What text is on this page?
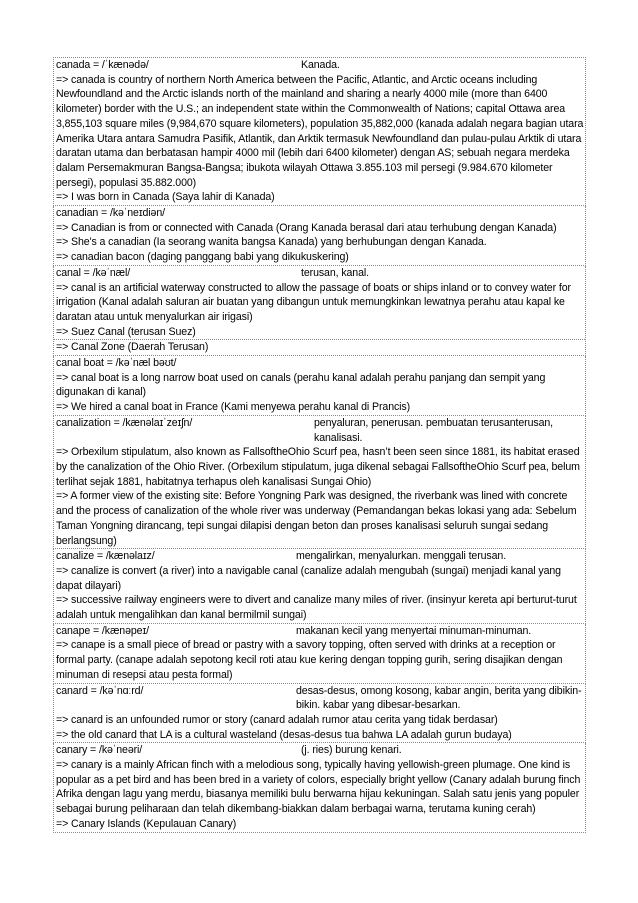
canada = /ˈkænədə/	Kanada.
=> canada is country of northern North America between the Pacific, Atlantic, and Arctic oceans including Newfoundland and the Arctic islands north of the mainland and sharing a nearly 4000 mile (more than 6400 kilometer) border with the U.S.; an independent state within the Commonwealth of Nations; capital Ottawa area 3,855,103 square miles (9,984,670 square kilometers), population 35,882,000 (kanada adalah negara bagian utara Amerika Utara antara Samudra Pasifik, Atlantik, dan Arktik termasuk Newfoundland dan pulau-pulau Arktik di utara daratan utama dan berbatasan hampir 4000 mil (lebih dari 6400 kilometer) dengan AS; sebuah negara merdeka dalam Persemakmuran Bangsa-Bangsa; ibukota wilayah Ottawa 3.855.103 mil persegi (9.984.670 kilometer persegi), populasi 35.882.000)
=> I was born in Canada (Saya lahir di Kanada)
canadian = /kəˈneɪdiən/
=> Canadian is from or connected with Canada (Orang Kanada berasal dari atau terhubung dengan Kanada)
=> She's a canadian (Ia seorang wanita bangsa Kanada) yang berhubungan dengan Kanada.
=> canadian bacon (daging panggang babi yang dikukuskering)
canal = /kəˈnæl/	terusan, kanal.
=> canal is an artificial waterway constructed to allow the passage of boats or ships inland or to convey water for irrigation (Kanal adalah saluran air buatan yang dibangun untuk memungkinkan lewatnya perahu atau kapal ke daratan atau untuk menyalurkan air irigasi)
=> Suez Canal (terusan Suez)
=> Canal Zone (Daerah Terusan)
canal boat = /kəˈnæl bəʊt/
=> canal boat is a long narrow boat used on canals (perahu kanal adalah perahu panjang dan sempit yang digunakan di kanal)
=> We hired a canal boat in France (Kami menyewa perahu kanal di Prancis)
canalization = /kænəlaɪˈzeɪʃn/	penyaluran, penerusan. pembuatan terusanterusan, kanalisasi.
=> Orbexilum stipulatum, also known as FallsoftheOhio Scurf pea, hasn’t been seen since 1881, its habitat erased by the canalization of the Ohio River. (Orbexilum stipulatum, juga dikenal sebagai FallsoftheOhio Scurf pea, belum terlihat sejak 1881, habitatnya terhapus oleh kanalisasi Sungai Ohio)
=> A former view of the existing site: Before Yongning Park was designed, the riverbank was lined with concrete and the process of canalization of the whole river was underway (Pemandangan bekas lokasi yang ada: Sebelum Taman Yongning dirancang, tepi sungai dilapisi dengan beton dan proses kanalisasi seluruh sungai sedang berlangsung)
canalize = /kænəlaɪz/	mengalirkan, menyalurkan. menggali terusan.
=> canalize is convert (a river) into a navigable canal (canalize adalah mengubah (sungai) menjadi kanal yang dapat dilayari)
=> successive railway engineers were to divert and canalize many miles of river. (insinyur kereta api berturut-turut adalah untuk mengalihkan dan kanal bermilmil sungai)
canape = /kænəpeɪ/	makanan kecil yang menyertai minuman-minuman.
=> canape is a small piece of bread or pastry with a savory topping, often served with drinks at a reception or formal party. (canape adalah sepotong kecil roti atau kue kering dengan topping gurih, sering disajikan dengan minuman di resepsi atau pesta formal)
canard = /kəˈnɑːrd/	desas-desus, omong kosong, kabar angin, berita yang dibikin-bikin. kabar yang dibesar-besarkan.
=> canard is an unfounded rumor or story (canard adalah rumor atau cerita yang tidak berdasar)
=> the old canard that LA is a cultural wasteland (desas-desus tua bahwa LA adalah gurun budaya)
canary = /kəˈneəri/	(j. ries) burung kenari.
=> canary is a mainly African finch with a melodious song, typically having yellowish-green plumage. One kind is popular as a pet bird and has been bred in a variety of colors, especially bright yellow (Canary adalah burung finch Afrika dengan lagu yang merdu, biasanya memiliki bulu berwarna hijau kekuningan. Salah satu jenis yang populer sebagai burung peliharaan dan telah dikembang-biakkan dalam berbagai warna, terutama kuning cerah)
=> Canary Islands (Kepulauan Canary)
